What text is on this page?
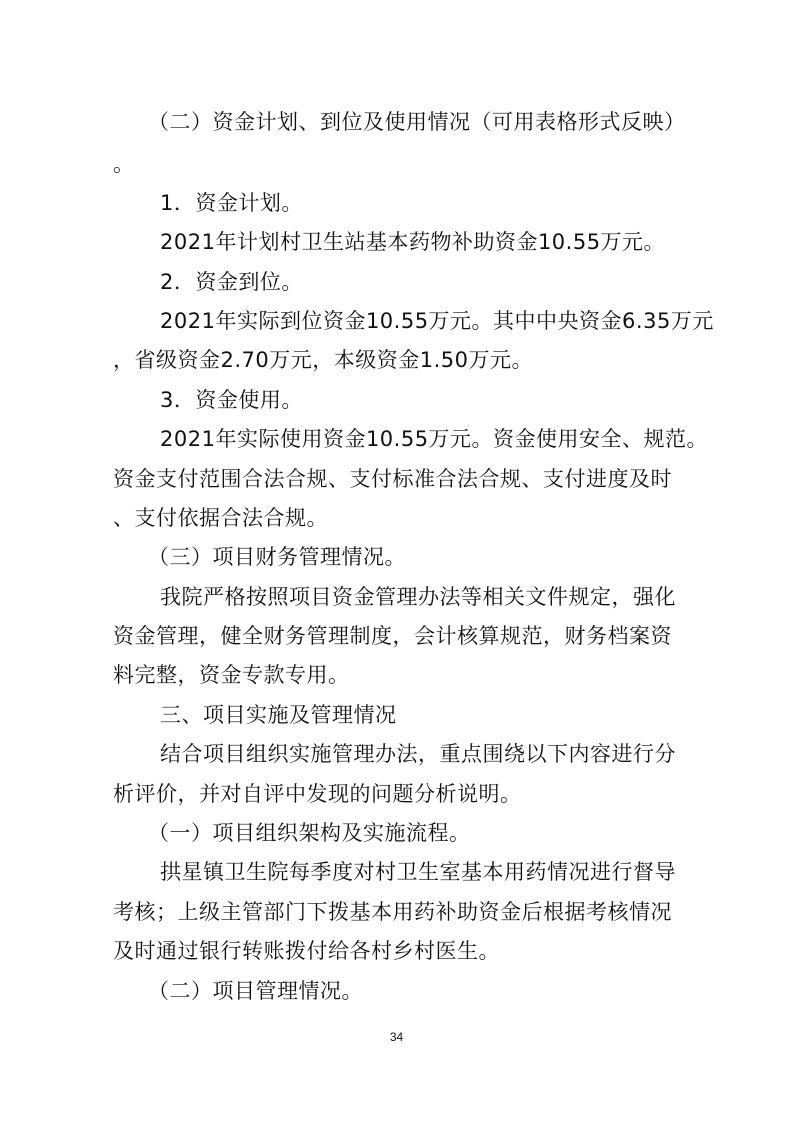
（二）资金计划、到位及使用情况（可用表格形式反映）
。
1．资金计划。
2021年计划村卫生站基本药物补助资金10.55万元。
2．资金到位。
2021年实际到位资金10.55万元。其中中央资金6.35万元
，省级资金2.70万元，本级资金1.50万元。
3．资金使用。
2021年实际使用资金10.55万元。资金使用安全、规范。
资金支付范围合法合规、支付标准合法合规、支付进度及时
、支付依据合法合规。
（三）项目财务管理情况。
我院严格按照项目资金管理办法等相关文件规定，强化
资金管理，健全财务管理制度，会计核算规范，财务档案资
料完整，资金专款专用。
三、项目实施及管理情况
结合项目组织实施管理办法，重点围绕以下内容进行分
析评价，并对自评中发现的问题分析说明。
（一）项目组织架构及实施流程。
拱星镇卫生院每季度对村卫生室基本用药情况进行督导
考核；上级主管部门下拨基本用药补助资金后根据考核情况
及时通过银行转账拨付给各村乡村医生。
（二）项目管理情况。
34
